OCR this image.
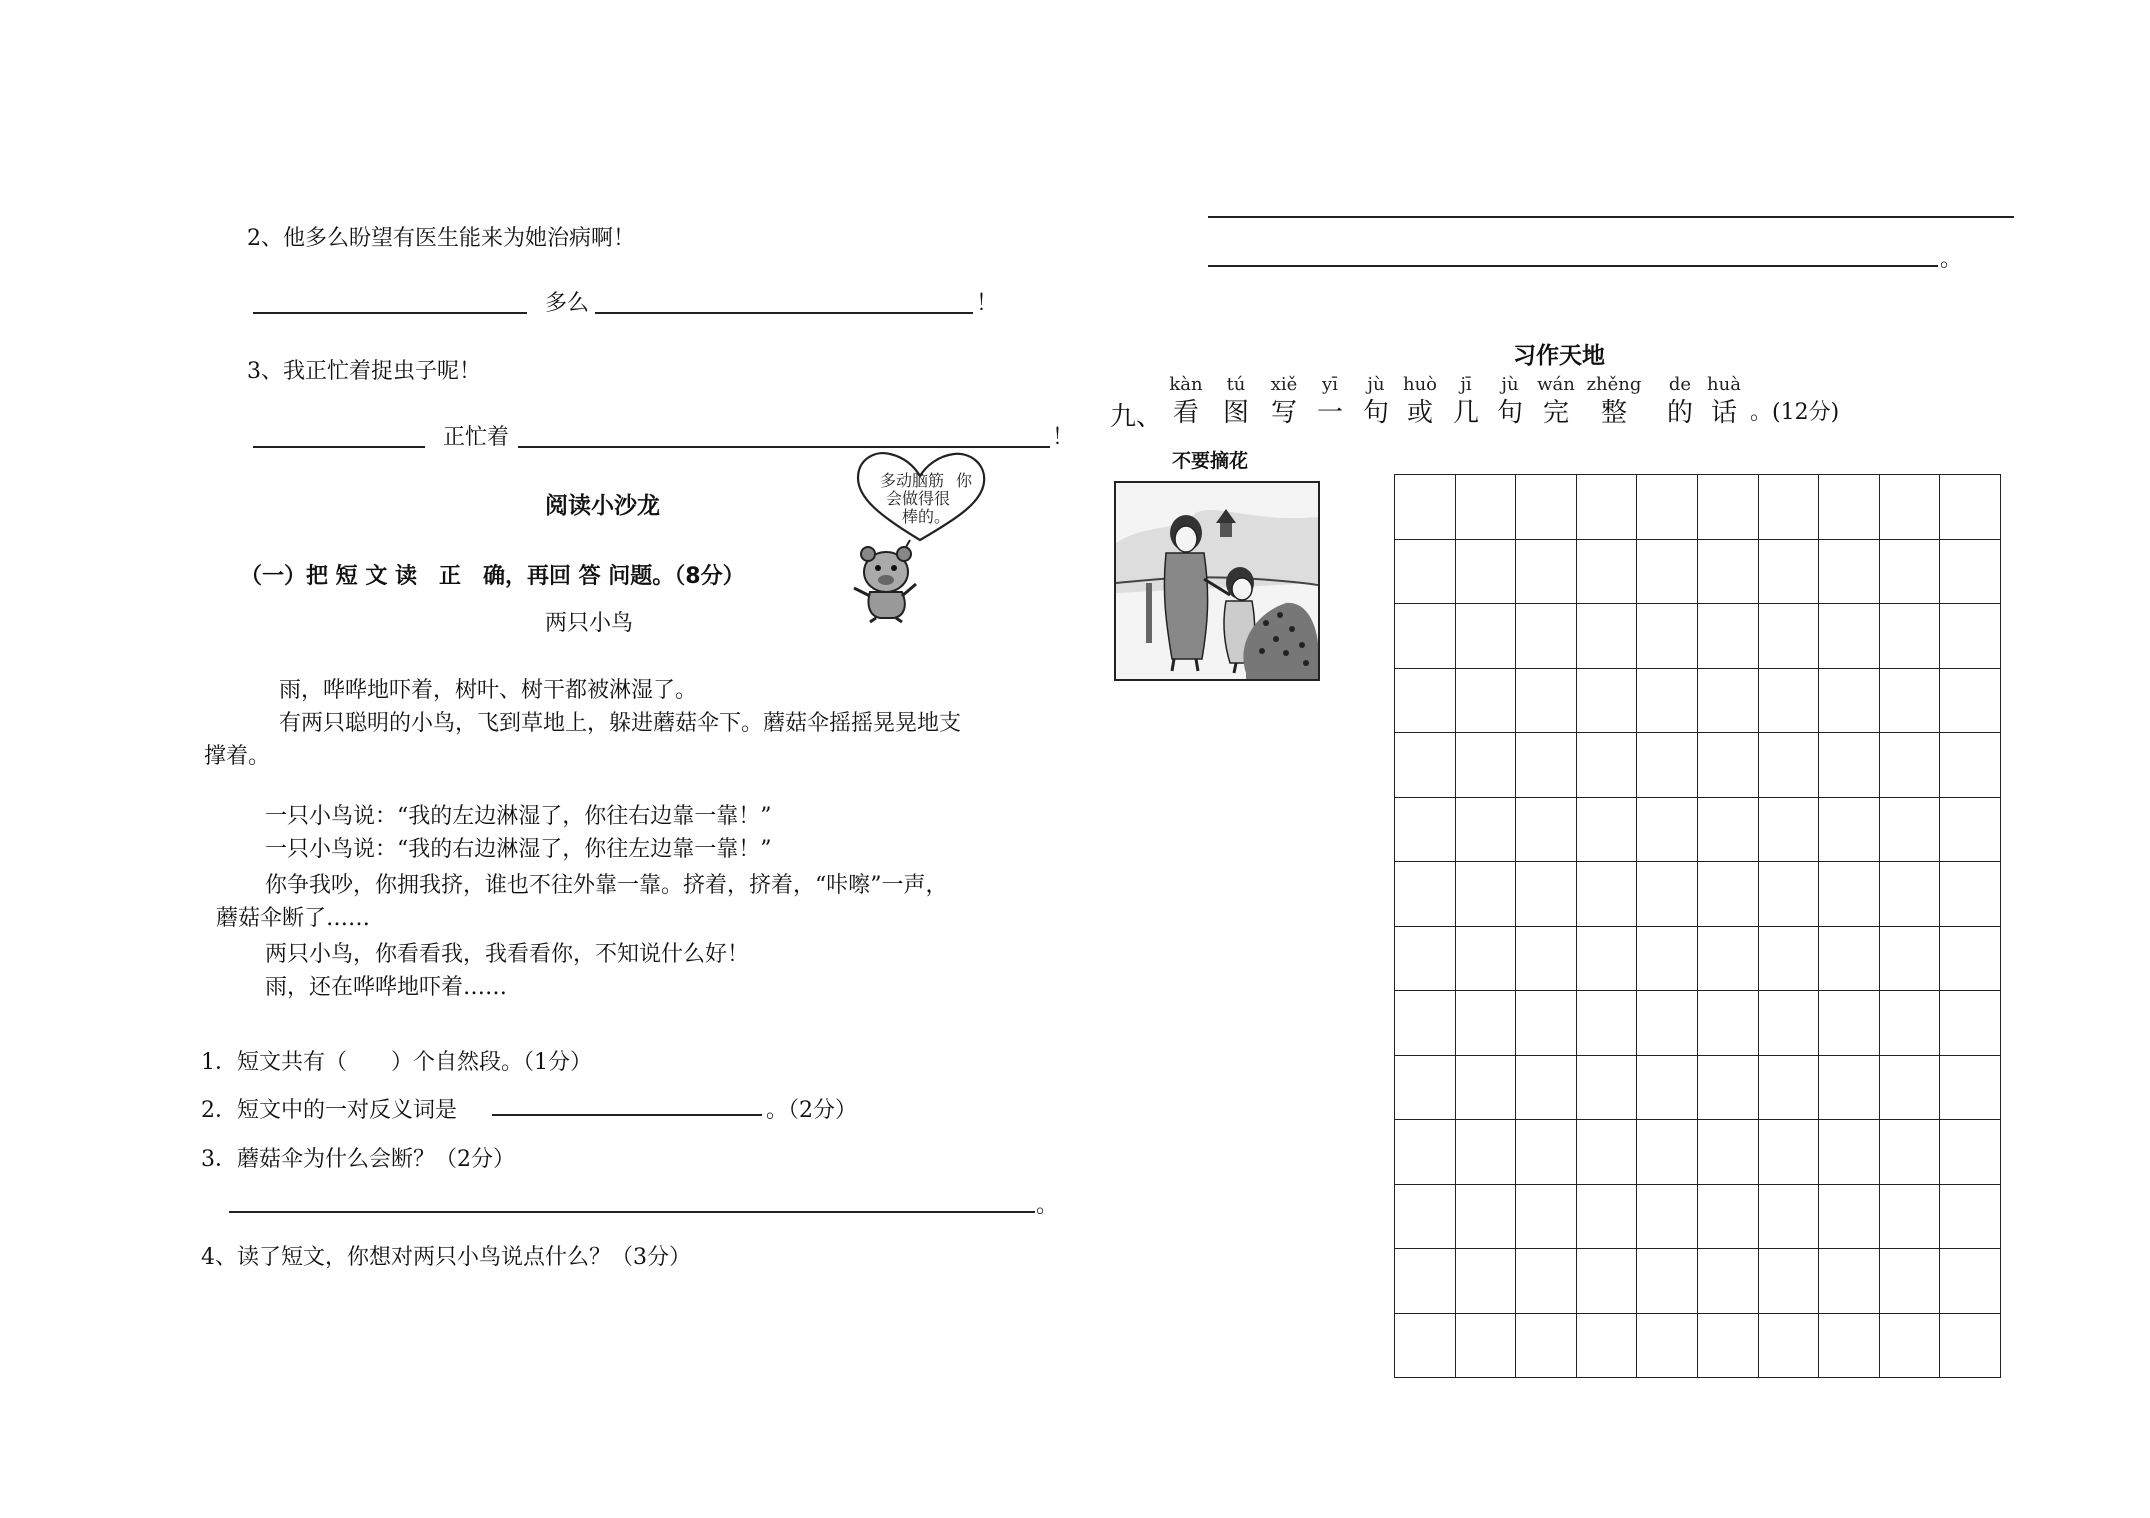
2、他多么盼望有医生能来为她治病啊！
多么	！
3、我正忙着捉虫子呢！
正忙着	！
阅读小沙龙
多动脑筋
会做得很
棒的。
你
（一）把 短 文 读　正　确，再回 答 问题。（8分）
两只小鸟
雨，哗哗地吓着，树叶、树干都被淋湿了。
有两只聪明的小鸟，飞到草地上，躲进蘑菇伞下。蘑菇伞摇摇晃晃地支
撑着。
一只小鸟说：“我的左边淋湿了，你往右边靠一靠！”
一只小鸟说：“我的右边淋湿了，你往左边靠一靠！”
你争我吵，你拥我挤，谁也不往外靠一靠。挤着，挤着，“咔嚓”一声，
蘑菇伞断了……
两只小鸟，你看看我，我看看你，不知说什么好！
雨，还在哗哗地吓着……
1．短文共有（　　）个自然段。（1分）
2．短文中的一对反义词是	。（2分）
3．蘑菇伞为什么会断？（2分）
。
4、读了短文，你想对两只小鸟说点什么？（3分）
。
习作天地
九、
kàn
看
tú
图
xiě
写
yī
一
jù
句
huò
或
jī
几
jù
句
wán
完
zhěng
整
de
的
huà
话 。(12分)
不要摘花
